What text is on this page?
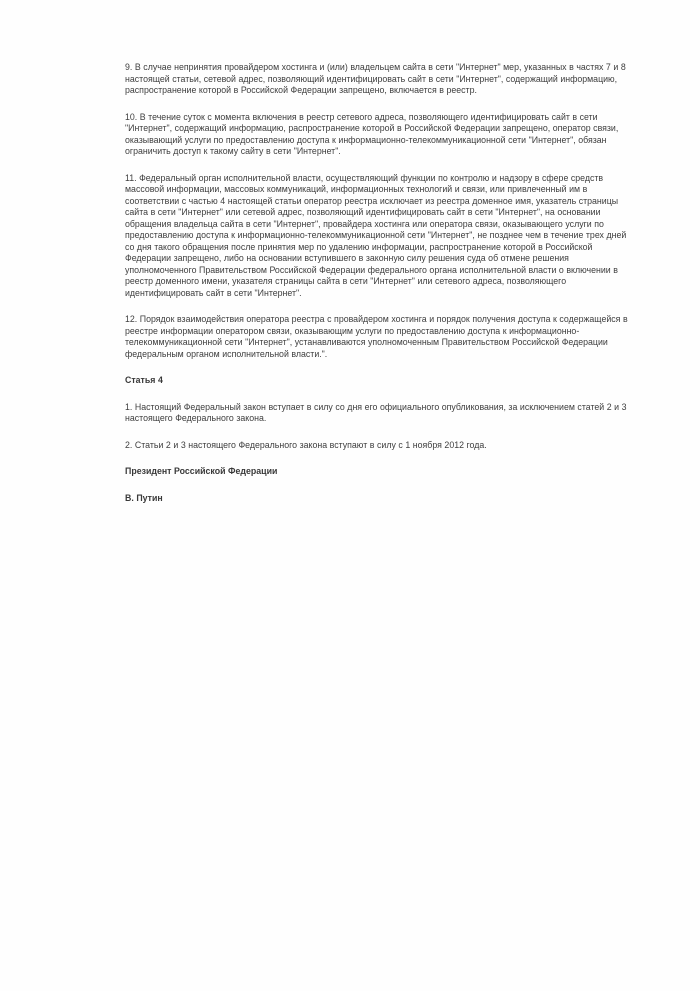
9. В случае непринятия провайдером хостинга и (или) владельцем сайта в сети "Интернет" мер, указанных в частях 7 и 8 настоящей статьи, сетевой адрес, позволяющий идентифицировать сайт в сети "Интернет", содержащий информацию, распространение которой в Российской Федерации запрещено, включается в реестр.

10. В течение суток с момента включения в реестр сетевого адреса, позволяющего идентифицировать сайт в сети "Интернет", содержащий информацию, распространение которой в Российской Федерации запрещено, оператор связи, оказывающий услуги по предоставлению доступа к информационно-телекоммуникационной сети "Интернет", обязан ограничить доступ к такому сайту в сети "Интернет".

11. Федеральный орган исполнительной власти, осуществляющий функции по контролю и надзору в сфере средств массовой информации, массовых коммуникаций, информационных технологий и связи, или привлеченный им в соответствии с частью 4 настоящей статьи оператор реестра исключает из реестра доменное имя, указатель страницы сайта в сети "Интернет" или сетевой адрес, позволяющий идентифицировать сайт в сети "Интернет", на основании обращения владельца сайта в сети "Интернет", провайдера хостинга или оператора связи, оказывающего услуги по предоставлению доступа к информационно-телекоммуникационной сети "Интернет", не позднее чем в течение трех дней со дня такого обращения после принятия мер по удалению информации, распространение которой в Российской Федерации запрещено, либо на основании вступившего в законную силу решения суда об отмене решения уполномоченного Правительством Российской Федерации федерального органа исполнительной власти о включении в реестр доменного имени, указателя страницы сайта в сети "Интернет" или сетевого адреса, позволяющего идентифицировать сайт в сети "Интернет".

12. Порядок взаимодействия оператора реестра с провайдером хостинга и порядок получения доступа к содержащейся в реестре информации оператором связи, оказывающим услуги по предоставлению доступа к информационно-телекоммуникационной сети "Интернет", устанавливаются уполномоченным Правительством Российской Федерации федеральным органом исполнительной власти.".

Статья 4

1. Настоящий Федеральный закон вступает в силу со дня его официального опубликования, за исключением статей 2 и 3 настоящего Федерального закона.

2. Статьи 2 и 3 настоящего Федерального закона вступают в силу с 1 ноября 2012 года.

Президент Российской Федерации

В. Путин
